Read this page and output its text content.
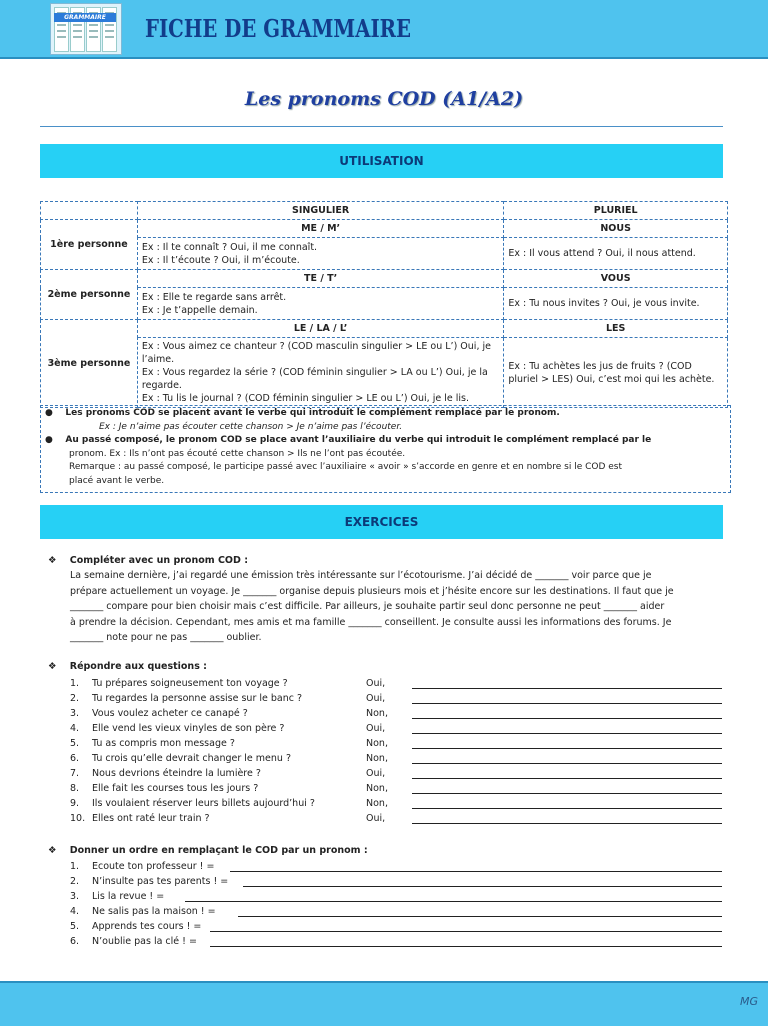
GRAMMAIRE	FICHE DE GRAMMAIRE
Les pronoms COD (A1/A2)
UTILISATION
	SINGULIER	PLURIEL
1ère personne	ME / M’	NOUS

	Ex : Il te connaît ? Oui, il me connaît.
Ex : Il t’écoute ? Oui, il m’écoute.	Ex : Il vous attend ? Oui, il nous attend.
2ème personne	TE / T’	VOUS

	Ex : Elle te regarde sans arrêt.
Ex : Je t’appelle demain.	Ex : Tu nous invites ? Oui, je vous invite.
3ème personne	LE / LA / L’	LES

	Ex : Vous aimez ce chanteur ? (COD masculin singulier > LE ou L’) Oui, je l’aime.
Ex : Vous regardez la série ? (COD féminin singulier > LA ou L’) Oui, je la regarde.
Ex : Tu lis le journal ? (COD féminin singulier > LE ou L’) Oui, je le lis.	Ex : Tu achètes les jus de fruits ? (COD pluriel > LES) Oui, c’est moi qui les achète.
●    Les pronoms COD se placent avant le verbe qui introduit le complément remplacé par le pronom.
Ex : Je n’aime pas écouter cette chanson > Je n’aime pas l’écouter.
●    Au passé composé, le pronom COD se place avant l’auxiliaire du verbe qui introduit le complément remplacé par le
pronom. Ex : Ils n’ont pas écouté cette chanson > Ils ne l’ont pas écoutée.
Remarque : au passé composé, le participe passé avec l’auxiliaire « avoir » s’accorde en genre et en nombre si le COD est
placé avant le verbe.
EXERCICES
❖    Compléter avec un pronom COD :
La semaine dernière, j’ai regardé une émission très intéressante sur l’écotourisme. J’ai décidé de _______ voir parce que je
prépare actuellement un voyage. Je _______ organise depuis plusieurs mois et j’hésite encore sur les destinations. Il faut que je
_______ compare pour bien choisir mais c’est difficile. Par ailleurs, je souhaite partir seul donc personne ne peut _______ aider
à prendre la décision. Cependant, mes amis et ma famille _______ conseillent. Je consulte aussi les informations des forums. Je
_______ note pour ne pas _______ oublier.
❖    Répondre aux questions :
1. Tu prépares soigneusement ton voyage ?	Oui,
2. Tu regardes la personne assise sur le banc ?	Oui,
3. Vous voulez acheter ce canapé ?	Non,
4. Elle vend les vieux vinyles de son père ?	Oui,
5. Tu as compris mon message ?	Non,
6. Tu crois qu’elle devrait changer le menu ?	Non,
7. Nous devrions éteindre la lumière ?	Oui,
8. Elle fait les courses tous les jours ?	Non,
9. Ils voulaient réserver leurs billets aujourd’hui ?	Non,
10. Elles ont raté leur train ?	Oui,
❖    Donner un ordre en remplaçant le COD par un pronom :
1. Ecoute ton professeur ! =
2. N’insulte pas tes parents ! =
3. Lis la revue ! =
4. Ne salis pas la maison ! =
5. Apprends tes cours ! =
6. N’oublie pas la clé ! =
MG
